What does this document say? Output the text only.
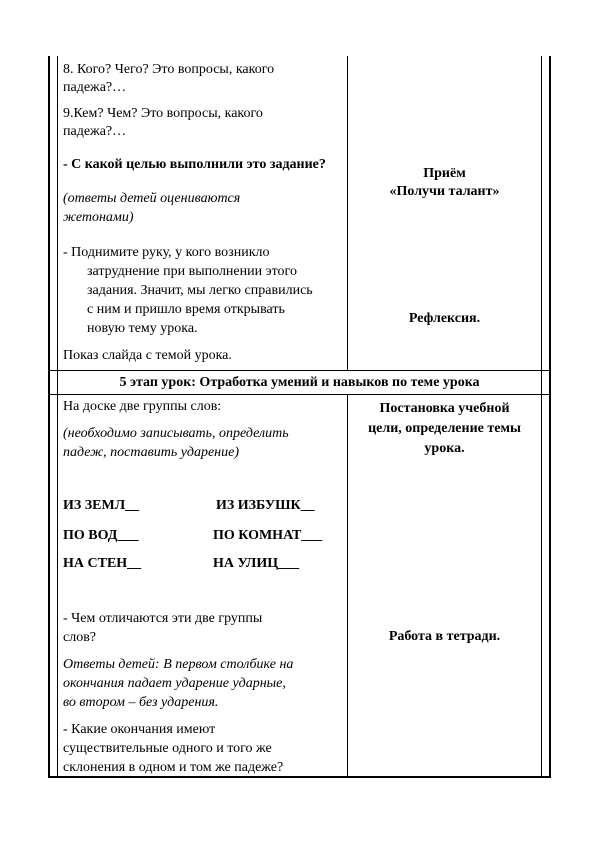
8. Кого? Чего? Это вопросы, какого
падежа?…
9.Кем? Чем? Это вопросы, какого
падежа?…
- С какой целью выполнили это задание?
(ответы детей оцениваются
жетонами)
- Поднимите руку, у кого возникло
затруднение при выполнении этого
задания. Значит, мы легко справились
с ним и пришло время открывать
новую тему урока.
Показ слайда с темой урока.
Приём
«Получи талант»
Рефлексия.
5 этап урок: Отработка умений и навыков по теме урока
На доске две группы слов:
(необходимо записывать, определить
падеж, поставить ударение)
ИЗ ЗЕМЛ__
ПО ВОД___
НА СТЕН__
ИЗ ИЗБУШК__
ПО КОМНАТ___
НА УЛИЦ___
- Чем отличаются эти две группы
слов?
Ответы детей: В первом столбике на
окончания падает ударение ударные,
во втором – без ударения.
- Какие окончания имеют
существительные одного и того же
склонения в одном и том же падеже?
Постановка учебной
цели, определение темы
урока.
Работа в тетради.
